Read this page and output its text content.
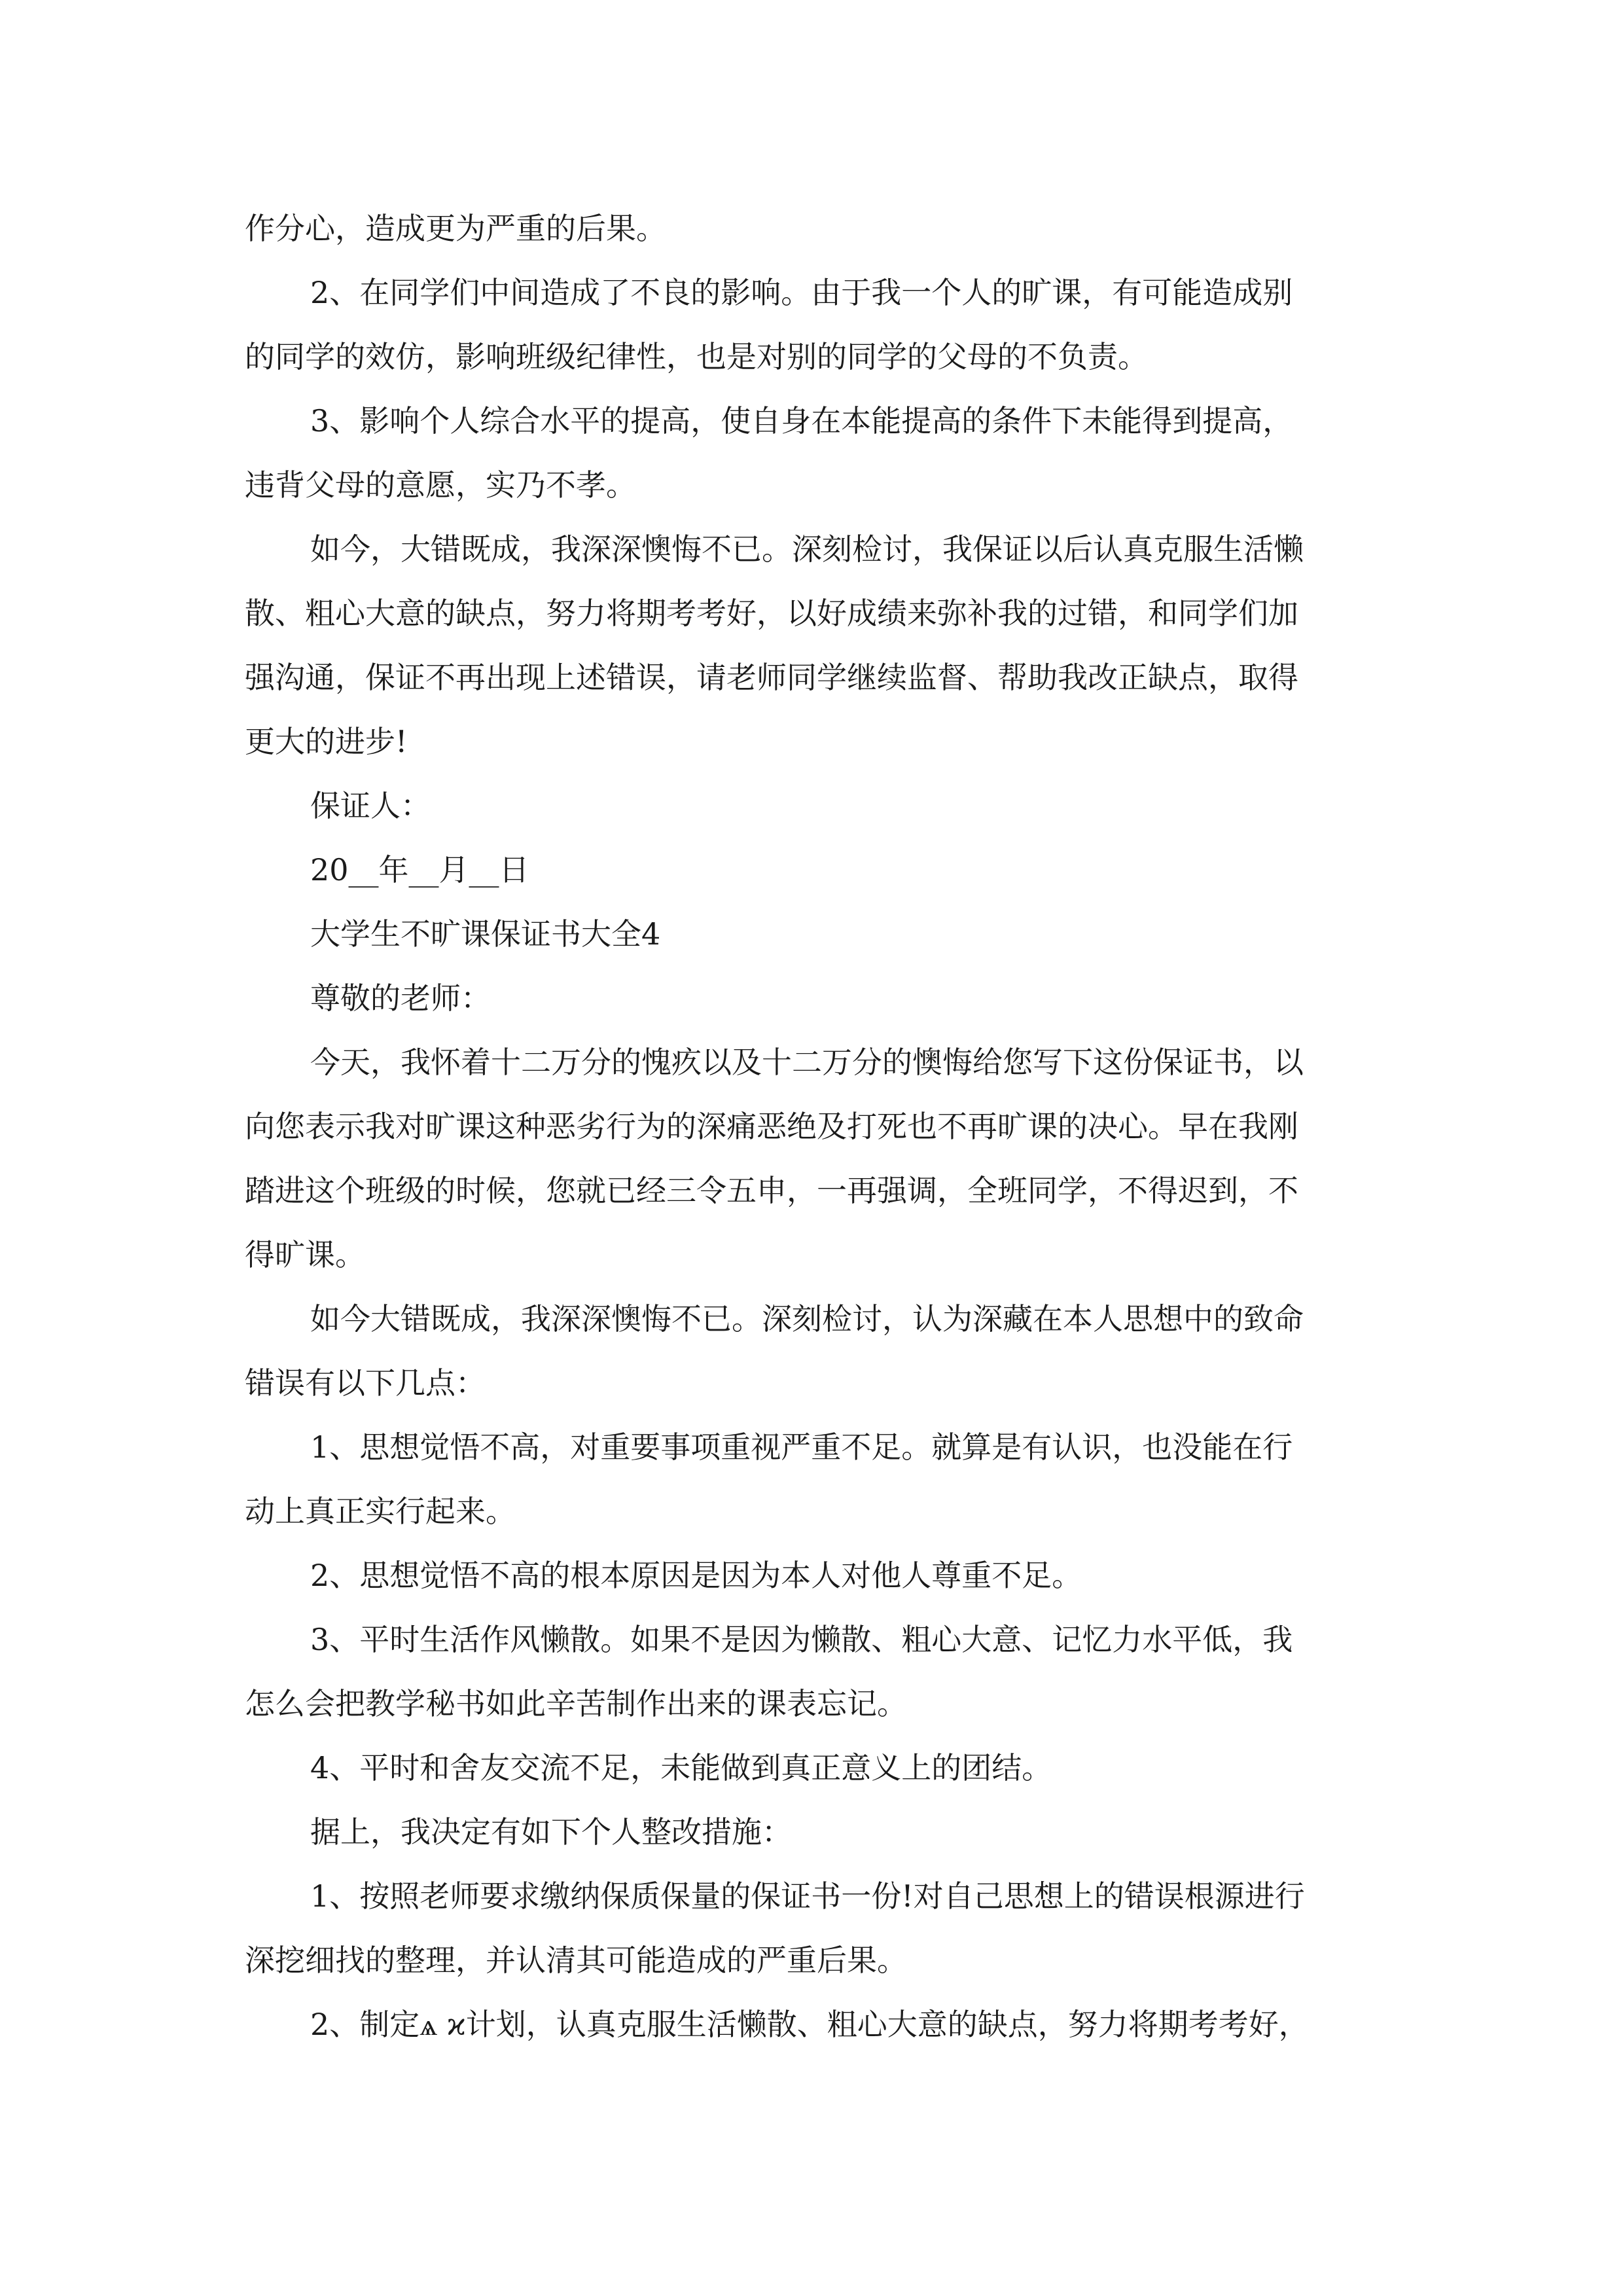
作分心，造成更为严重的后果。

2、在同学们中间造成了不良的影响。由于我一个人的旷课，有可能造成别

的同学的效仿，影响班级纪律性，也是对别的同学的父母的不负责。

3、影响个人综合水平的提高，使自身在本能提高的条件下未能得到提高，

违背父母的意愿，实乃不孝。

如今，大错既成，我深深懊悔不已。深刻检讨，我保证以后认真克服生活懒

散、粗心大意的缺点，努力将期考考好，以好成绩来弥补我的过错，和同学们加

强沟通，保证不再出现上述错误，请老师同学继续监督、帮助我改正缺点，取得

更大的进步!

保证人：

20__年__月__日

大学生不旷课保证书大全4

尊敬的老师：

今天，我怀着十二万分的愧疚以及十二万分的懊悔给您写下这份保证书，以

向您表示我对旷课这种恶劣行为的深痛恶绝及打死也不再旷课的决心。早在我刚

踏进这个班级的时候，您就已经三令五申，一再强调，全班同学，不得迟到，不

得旷课。

如今大错既成，我深深懊悔不已。深刻检讨，认为深藏在本人思想中的致命

错误有以下几点：

1、思想觉悟不高，对重要事项重视严重不足。就算是有认识，也没能在行

动上真正实行起来。

2、思想觉悟不高的根本原因是因为本人对他人尊重不足。

3、平时生活作风懒散。如果不是因为懒散、粗心大意、记忆力水平低，我

怎么会把教学秘书如此辛苦制作出来的课表忘记。

4、平时和舍友交流不足，未能做到真正意义上的团结。

据上，我决定有如下个人整改措施：

1、按照老师要求缴纳保质保量的保证书一份!对自己思想上的错误根源进行

深挖细找的整理，并认清其可能造成的严重后果。

2、制定ѧ ϰ计划，认真克服生活懒散、粗心大意的缺点，努力将期考考好，
